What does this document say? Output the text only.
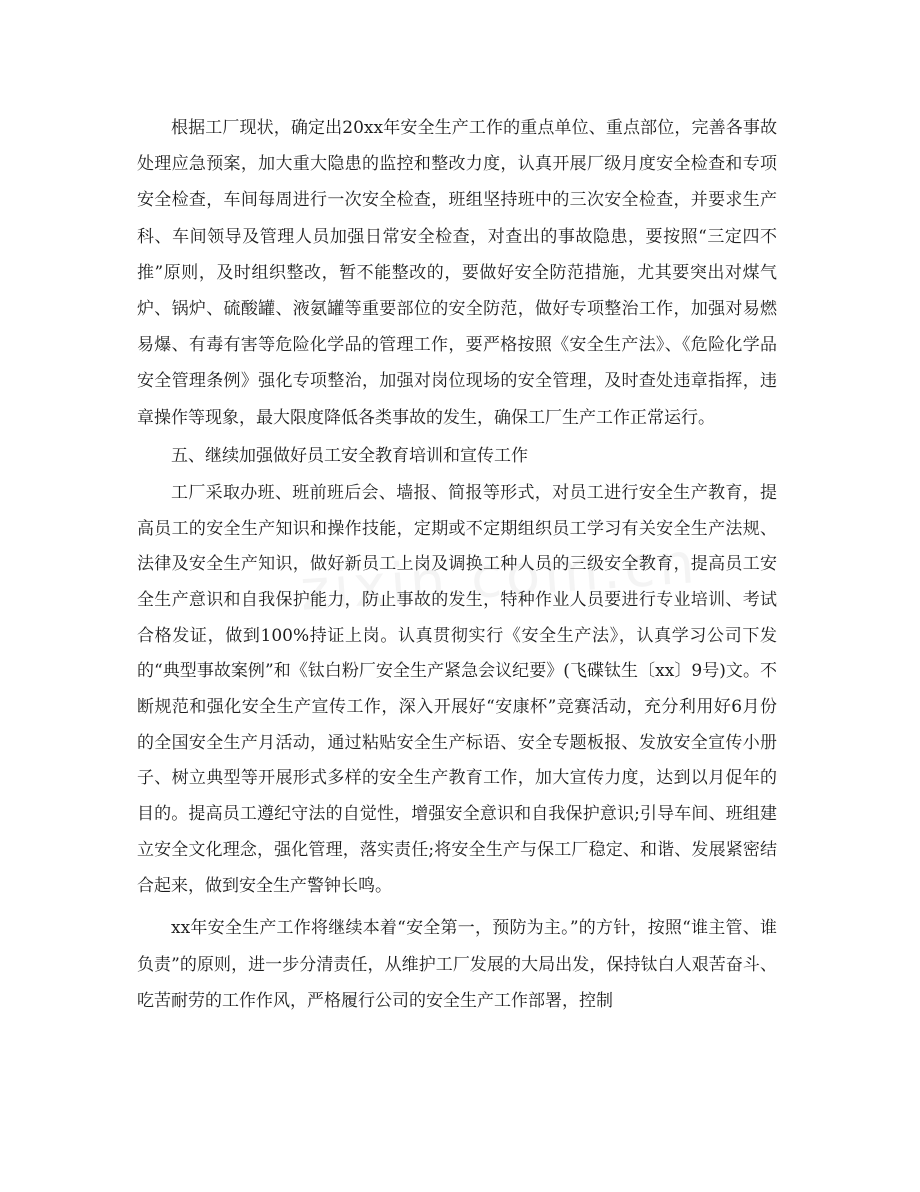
根据工厂现状，确定出20xx年安全生产工作的重点单位、重点部位，完善各事故处理应急预案，加大重大隐患的监控和整改力度，认真开展厂级月度安全检查和专项安全检查，车间每周进行一次安全检查，班组坚持班中的三次安全检查，并要求生产科、车间领导及管理人员加强日常安全检查，对查出的事故隐患，要按照“三定四不推”原则，及时组织整改，暂不能整改的，要做好安全防范措施，尤其要突出对煤气炉、锅炉、硫酸罐、液氨罐等重要部位的安全防范，做好专项整治工作，加强对易燃易爆、有毒有害等危险化学品的管理工作，要严格按照《安全生产法》、《危险化学品安全管理条例》强化专项整治，加强对岗位现场的安全管理，及时查处违章指挥，违章操作等现象，最大限度降低各类事故的发生，确保工厂生产工作正常运行。

五、继续加强做好员工安全教育培训和宣传工作

工厂采取办班、班前班后会、墙报、简报等形式，对员工进行安全生产教育，提高员工的安全生产知识和操作技能，定期或不定期组织员工学习有关安全生产法规、法律及安全生产知识，做好新员工上岗及调换工种人员的三级安全教育，提高员工安全生产意识和自我保护能力，防止事故的发生，特种作业人员要进行专业培训、考试合格发证，做到100%持证上岗。认真贯彻实行《安全生产法》，认真学习公司下发的“典型事故案例”和《钛白粉厂安全生产紧急会议纪要》(飞碟钛生〔xx〕9号)文。不断规范和强化安全生产宣传工作，深入开展好“安康杯”竞赛活动，充分利用好6月份的全国安全生产月活动，通过粘贴安全生产标语、安全专题板报、发放安全宣传小册子、树立典型等开展形式多样的安全生产教育工作，加大宣传力度，达到以月促年的目的。提高员工遵纪守法的自觉性，增强安全意识和自我保护意识;引导车间、班组建立安全文化理念，强化管理，落实责任;将安全生产与保工厂稳定、和谐、发展紧密结合起来，做到安全生产警钟长鸣。

xx年安全生产工作将继续本着“安全第一，预防为主。”的方针，按照“谁主管、谁负责”的原则，进一步分清责任，从维护工厂发展的大局出发，保持钛白人艰苦奋斗、吃苦耐劳的工作作风，严格履行公司的安全生产工作部署，控制
